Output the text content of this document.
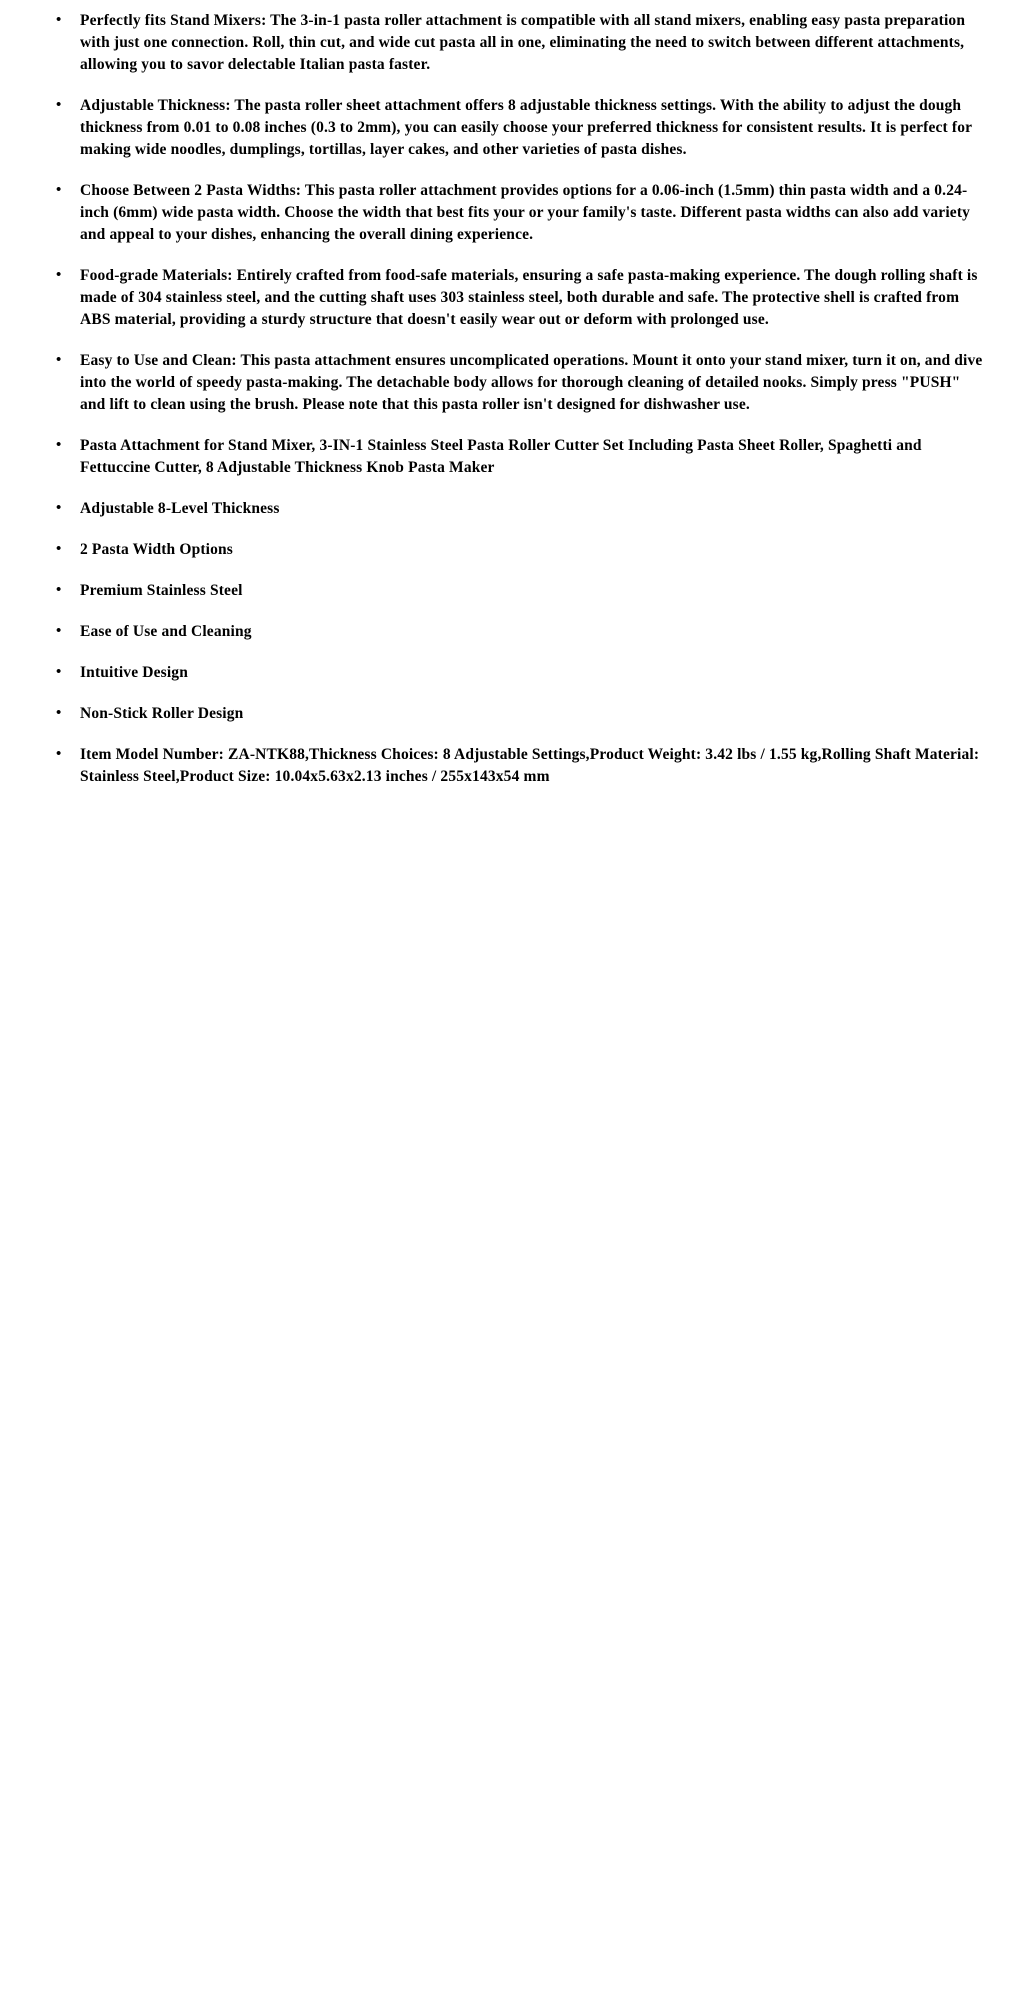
• Perfectly fits Stand Mixers: The 3-in-1 pasta roller attachment is compatible with all stand mixers, enabling easy pasta preparation with just one connection. Roll, thin cut, and wide cut pasta all in one, eliminating the need to switch between different attachments, allowing you to savor delectable Italian pasta faster.
• Adjustable Thickness: The pasta roller sheet attachment offers 8 adjustable thickness settings. With the ability to adjust the dough thickness from 0.01 to 0.08 inches (0.3 to 2mm), you can easily choose your preferred thickness for consistent results. It is perfect for making wide noodles, dumplings, tortillas, layer cakes, and other varieties of pasta dishes.
• Choose Between 2 Pasta Widths: This pasta roller attachment provides options for a 0.06-inch (1.5mm) thin pasta width and a 0.24-inch (6mm) wide pasta width. Choose the width that best fits your or your family's taste. Different pasta widths can also add variety and appeal to your dishes, enhancing the overall dining experience.
• Food-grade Materials: Entirely crafted from food-safe materials, ensuring a safe pasta-making experience. The dough rolling shaft is made of 304 stainless steel, and the cutting shaft uses 303 stainless steel, both durable and safe. The protective shell is crafted from ABS material, providing a sturdy structure that doesn't easily wear out or deform with prolonged use.
• Easy to Use and Clean: This pasta attachment ensures uncomplicated operations. Mount it onto your stand mixer, turn it on, and dive into the world of speedy pasta-making. The detachable body allows for thorough cleaning of detailed nooks. Simply press "PUSH" and lift to clean using the brush. Please note that this pasta roller isn't designed for dishwasher use.
• Pasta Attachment for Stand Mixer, 3-IN-1 Stainless Steel Pasta Roller Cutter Set Including Pasta Sheet Roller, Spaghetti and Fettuccine Cutter, 8 Adjustable Thickness Knob Pasta Maker
• Adjustable 8-Level Thickness
• 2 Pasta Width Options
• Premium Stainless Steel
• Ease of Use and Cleaning
• Intuitive Design
• Non-Stick Roller Design
• Item Model Number: ZA-NTK88,Thickness Choices: 8 Adjustable Settings,Product Weight: 3.42 lbs / 1.55 kg,Rolling Shaft Material: Stainless Steel,Product Size: 10.04x5.63x2.13 inches / 255x143x54 mm
